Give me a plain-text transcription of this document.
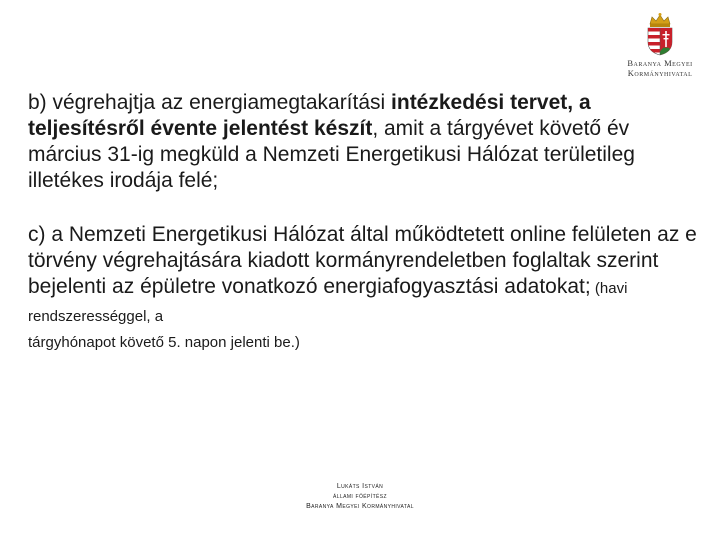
Baranya Megyei
Kormányhivatal

b) végrehajtja az energiamegtakarítási intézkedési tervet, a teljesítésről évente jelentést készít, amit a tárgyévet követő év március 31-ig megküld a Nemzeti Energetikusi Hálózat területileg illetékes irodája felé;

c) a Nemzeti Energetikusi Hálózat által működtetett online felületen az e törvény végrehajtására kiadott kormányrendeletben foglaltak szerint bejelenti az épületre vonatkozó energiafogyasztási adatokat; (havi rendszerességgel, a
tárgyhónapot követő 5. napon jelenti be.)

Lukáts István
állami főépítész
Baranya Megyei Kormányhivatal
